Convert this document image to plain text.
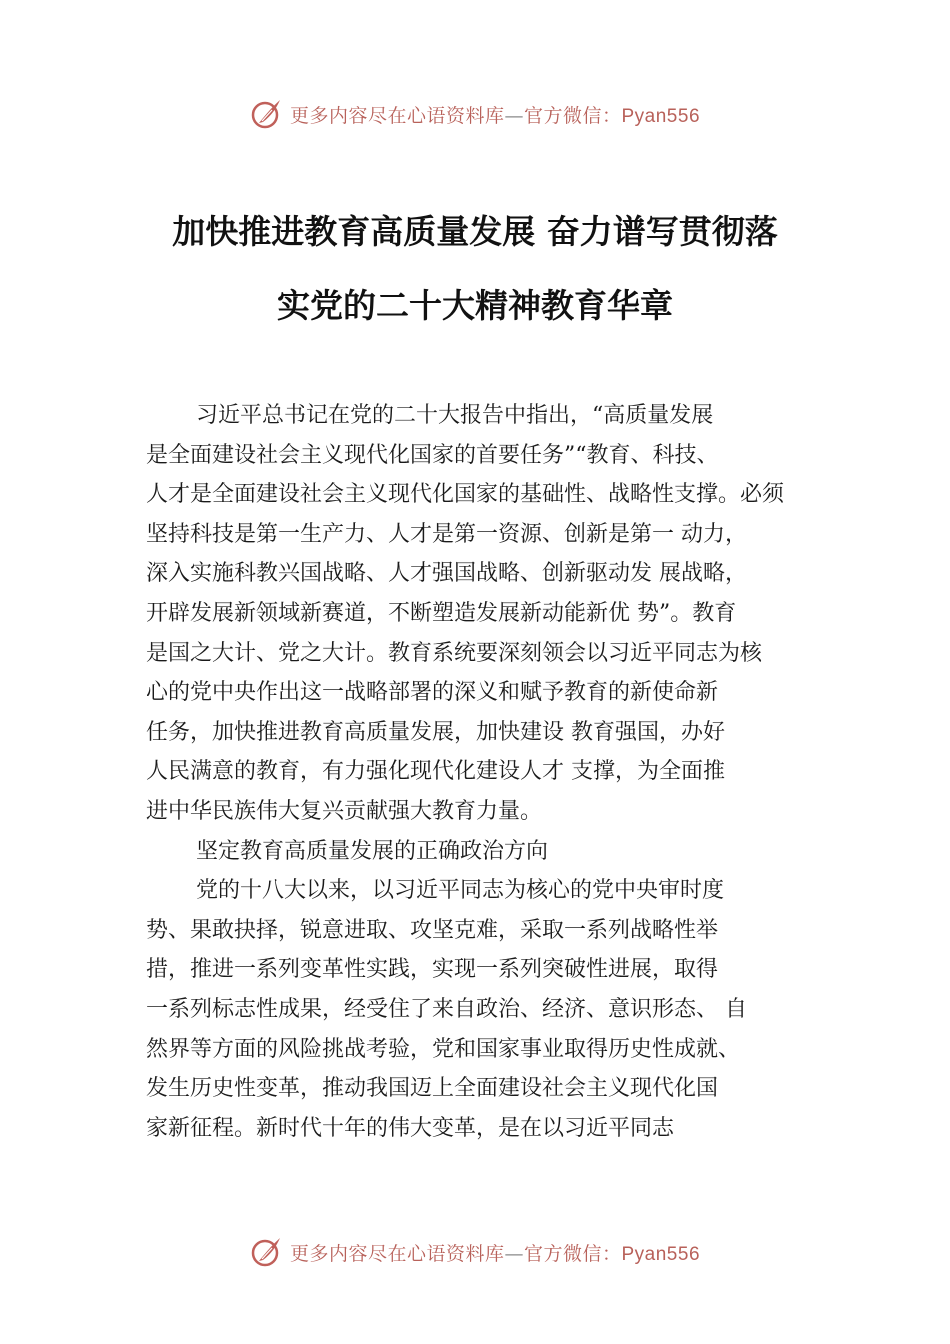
更多内容尽在心语资料库—官方微信：Pyan556
加快推进教育高质量发展 奋力谱写贯彻落
实党的二十大精神教育华章
习近平总书记在党的二十大报告中指出，“高质量发展
是全面建设社会主义现代化国家的首要任务”“教育、科技、
人才是全面建设社会主义现代化国家的基础性、战略性支撑。必须
坚持科技是第一生产力、人才是第一资源、创新是第一 动力，
深入实施科教兴国战略、人才强国战略、创新驱动发 展战略，
开辟发展新领域新赛道，不断塑造发展新动能新优 势”。教育
是国之大计、党之大计。教育系统要深刻领会以习近平同志为核
心的党中央作出这一战略部署的深义和赋予教育的新使命新
任务，加快推进教育高质量发展，加快建设 教育强国，办好
人民满意的教育，有力强化现代化建设人才 支撑，为全面推
进中华民族伟大复兴贡献强大教育力量。
坚定教育高质量发展的正确政治方向
党的十八大以来，以习近平同志为核心的党中央审时度
势、果敢抉择，锐意进取、攻坚克难，采取一系列战略性举
措，推进一系列变革性实践，实现一系列突破性进展，取得
一系列标志性成果，经受住了来自政治、经济、意识形态、 自
然界等方面的风险挑战考验，党和国家事业取得历史性成就、
发生历史性变革，推动我国迈上全面建设社会主义现代化国
家新征程。新时代十年的伟大变革，是在以习近平同志
更多内容尽在心语资料库—官方微信：Pyan556
